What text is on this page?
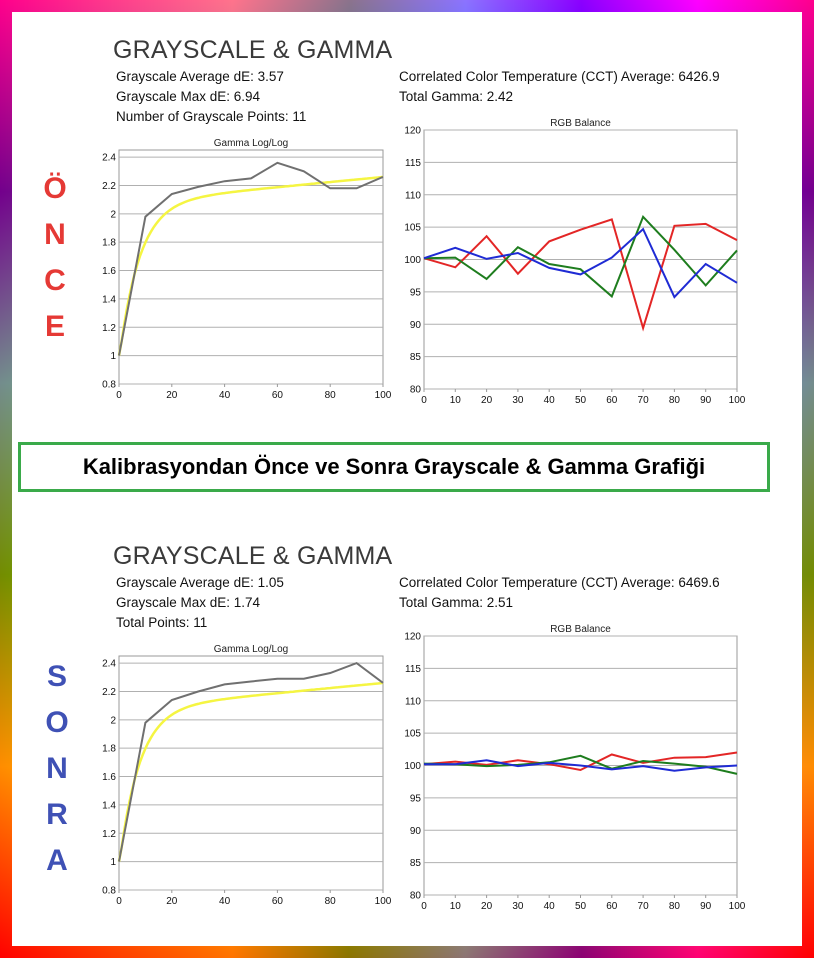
Ö
N
C
E
GRAYSCALE & GAMMA
Grayscale Average dE: 3.57
Grayscale Max dE: 6.94
Number of Grayscale Points: 11
Correlated Color Temperature (CCT) Average: 6426.9
Total Gamma: 2.42
Gamma Log/Log
0.8
1
1.2
1.4
1.6
1.8
2
2.2
2.4
0	20	40	60	80	100
RGB Balance
80
85
90
95
100
105
110
115
120
0 10 20 30 40 50 60 70 80 90 100
Kalibrasyondan Önce ve Sonra Grayscale & Gamma Grafiği
S
O
N
R
A
GRAYSCALE & GAMMA
Grayscale Average dE: 1.05
Grayscale Max dE: 1.74
Total Points: 11
Correlated Color Temperature (CCT) Average: 6469.6
Total Gamma: 2.51
Gamma Log/Log
0.8
1
1.2
1.4
1.6
1.8
2
2.2
2.4
0	20	40	60	80	100
RGB Balance
80
85
90
95
100
105
110
115
120
0 10 20 30 40 50 60 70 80 90 100
